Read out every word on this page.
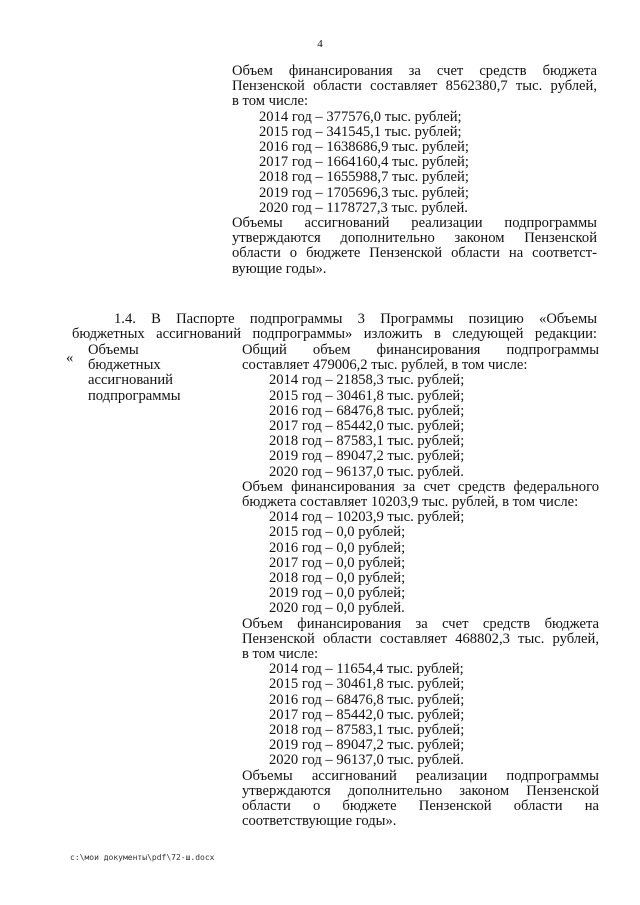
4
Объем финансирования за счет средств бюджета
Пензенской области составляет 8562380,7 тыс. рублей,
в том числе:
2014 год – 377576,0 тыс. рублей;
2015 год – 341545,1 тыс. рублей;
2016 год – 1638686,9 тыс. рублей;
2017 год – 1664160,4 тыс. рублей;
2018 год – 1655988,7 тыс. рублей;
2019 год – 1705696,3 тыс. рублей;
2020 год – 1178727,3 тыс. рублей.
Объемы ассигнований реализации подпрограммы
утверждаются дополнительно законом Пензенской
области о бюджете Пензенской области на соответст-
вующие годы».
1.4. В Паспорте подпрограммы 3 Программы позицию «Объемы
бюджетных ассигнований подпрограммы» изложить в следующей редакции:
« Объемы
бюджетных
ассигнований
подпрограммы
Общий объем финансирования подпрограммы
составляет 479006,2 тыс. рублей, в том числе:
2014 год – 21858,3 тыс. рублей;
2015 год – 30461,8 тыс. рублей;
2016 год – 68476,8 тыс. рублей;
2017 год – 85442,0 тыс. рублей;
2018 год – 87583,1 тыс. рублей;
2019 год – 89047,2 тыс. рублей;
2020 год – 96137,0 тыс. рублей.
Объем финансирования за счет средств федерального
бюджета составляет 10203,9 тыс. рублей, в том числе:
2014 год – 10203,9 тыс. рублей;
2015 год – 0,0 рублей;
2016 год – 0,0 рублей;
2017 год – 0,0 рублей;
2018 год – 0,0 рублей;
2019 год – 0,0 рублей;
2020 год – 0,0 рублей.
Объем финансирования за счет средств бюджета
Пензенской области составляет 468802,3 тыс. рублей,
в том числе:
2014 год – 11654,4 тыс. рублей;
2015 год – 30461,8 тыс. рублей;
2016 год – 68476,8 тыс. рублей;
2017 год – 85442,0 тыс. рублей;
2018 год – 87583,1 тыс. рублей;
2019 год – 89047,2 тыс. рублей;
2020 год – 96137,0 тыс. рублей.
Объемы ассигнований реализации подпрограммы
утверждаются дополнительно законом Пензенской
области о бюджете Пензенской области на
соответствующие годы».
c:\мои документы\pdf\72-ш.docx
